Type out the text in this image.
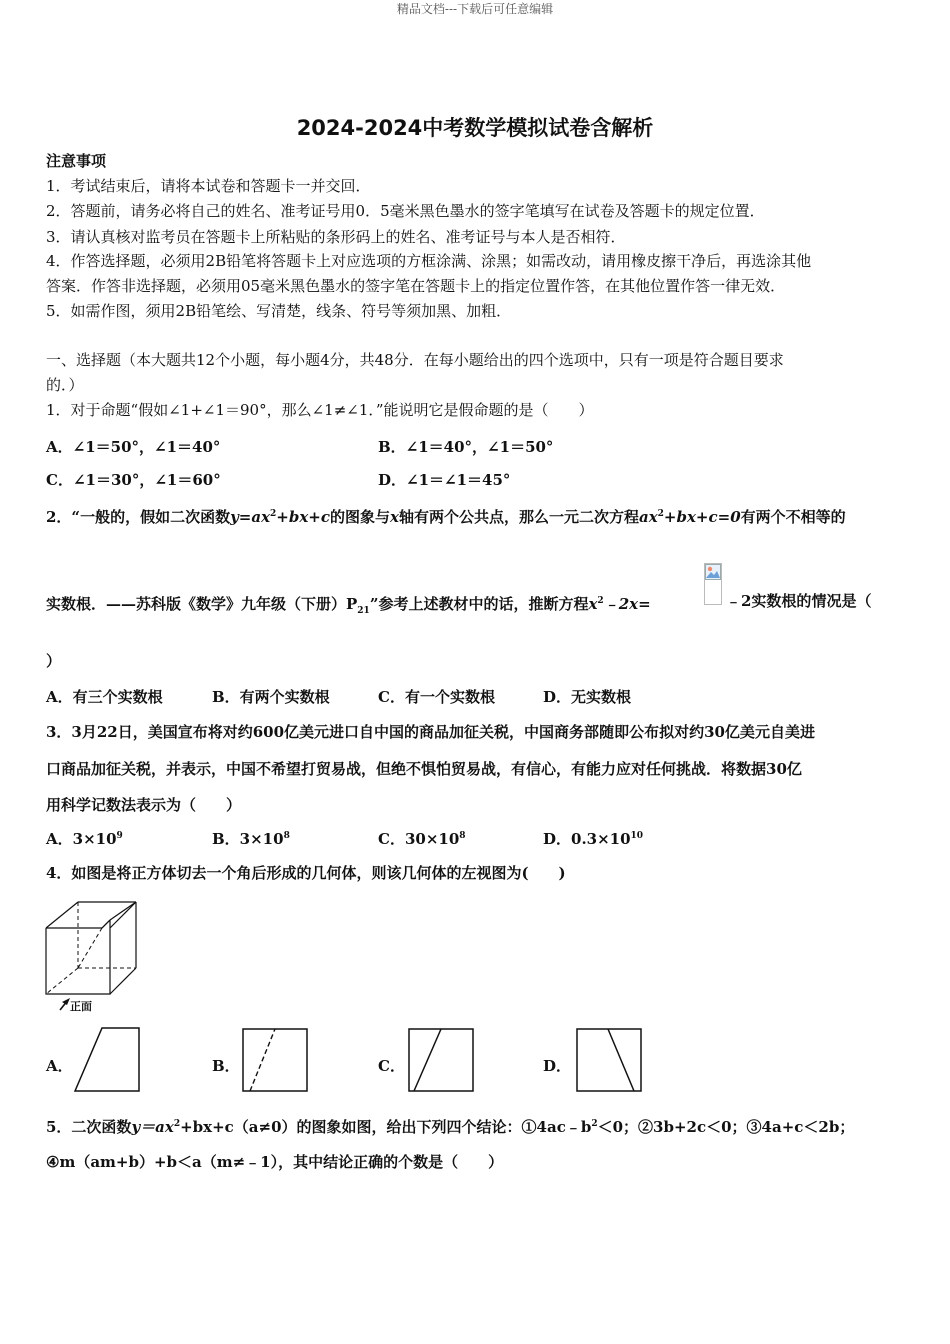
精品文档---下载后可任意编辑
2024-2024中考数学模拟试卷含解析
注意事项
1．考试结束后，请将本试卷和答题卡一并交回．
2．答题前，请务必将自己的姓名、准考证号用0．5毫米黑色墨水的签字笔填写在试卷及答题卡的规定位置．
3．请认真核对监考员在答题卡上所粘贴的条形码上的姓名、准考证号与本人是否相符．
4．作答选择题，必须用2B铅笔将答题卡上对应选项的方框涂满、涂黑；如需改动，请用橡皮擦干净后，再选涂其他
答案．作答非选择题，必须用05毫米黑色墨水的签字笔在答题卡上的指定位置作答，在其他位置作答一律无效．
5．如需作图，须用2B铅笔绘、写清楚，线条、符号等须加黑、加粗．
一、选择题（本大题共12个小题，每小题4分，共48分．在每小题给出的四个选项中，只有一项是符合题目要求
的．）
1．对于命题“假如∠1+∠1＝90°，那么∠1≠∠1．”能说明它是假命题的是（　　）
A．∠1＝50°，∠1＝40°	B．∠1＝40°，∠1＝50°
C．∠1＝30°，∠1＝60°	D．∠1＝∠1＝45°
2．“一般的，假如二次函数$y=ax^2+bx+c$的图象与x轴有两个公共点，那么一元二次方程$ax^2+bx+c=0$有两个不相等的
实数根．——苏科版《数学》九年级（下册）$P_{21}$”参考上述教材中的话，推断方程$x^2﹣2x=$	﹣2实数根的情况是（
）
A．有三个实数根	B．有两个实数根	C．有一个实数根	D．无实数根
3．3月22日，美国宣布将对约600亿美元进口自中国的商品加征关税，中国商务部随即公布拟对约30亿美元自美进
口商品加征关税，并表示，中国不希望打贸易战，但绝不惧怕贸易战，有信心，有能力应对任何挑战．将数据30亿
用科学记数法表示为（　　）
A．$3\times 10^9$	B．$3\times 10^8$	C．$30\times 10^8$	D．$0.3\times 10^{10}$
4．如图是将正方体切去一个角后形成的几何体，则该几何体的左视图为(　　)
正面
A．	B．	C．	D．
5．二次函数$y=ax^2+bx+c(a\ne 0)$的图象如图，给出下列四个结论：$①4ac﹣b^2<0$；②3b+2c＜0；③4a+c＜2b；
④m（am+b）+b＜a（m≠﹣1），其中结论正确的个数是（　　）
